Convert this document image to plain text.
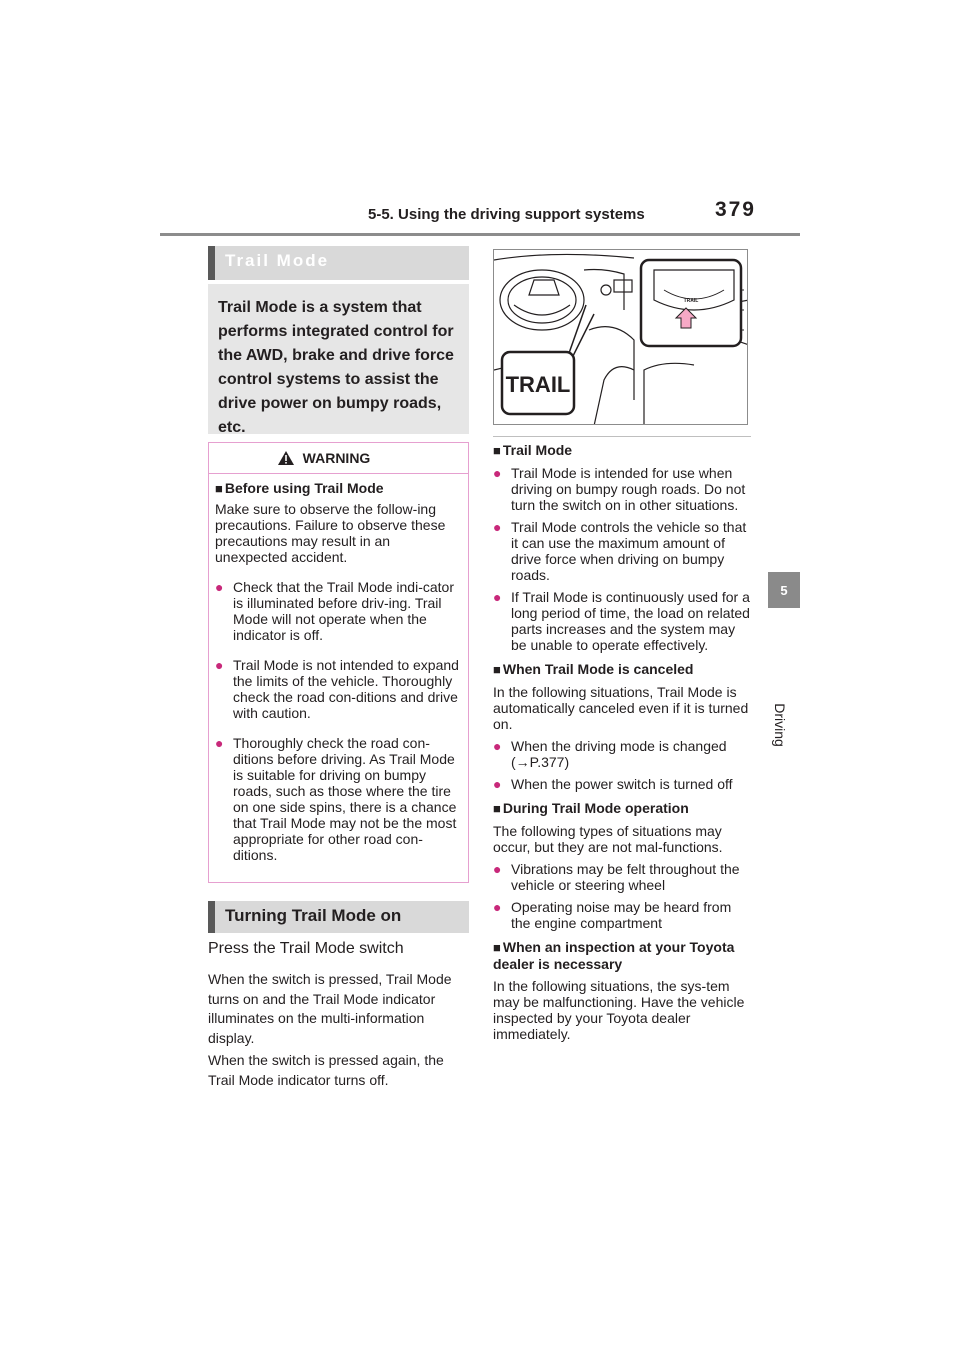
5-5. Using the driving support systems	379
5
Driving
Trail Mode
Trail Mode is a system that performs integrated control for the AWD, brake and drive force control systems to assist the drive power on bumpy roads, etc.
WARNING
■ Before using Trail Mode
Make sure to observe the follow-ing precautions. Failure to observe these precautions may result in an unexpected accident.
● Check that the Trail Mode indi-cator is illuminated before driv-ing. Trail Mode will not operate when the indicator is off.
● Trail Mode is not intended to expand the limits of the vehicle. Thoroughly check the road con-ditions and drive with caution.
● Thoroughly check the road con-ditions before driving. As Trail Mode is suitable for driving on bumpy roads, such as those where the tire on one side spins, there is a chance that Trail Mode may not be the most appropriate for other road con-ditions.
Turning Trail Mode on
Press the Trail Mode switch
When the switch is pressed, Trail Mode turns on and the Trail Mode indicator illuminates on the multi-information display.
When the switch is pressed again, the Trail Mode indicator turns off.
TRAIL
TRAIL
■ Trail Mode
● Trail Mode is intended for use when driving on bumpy rough roads. Do not turn the switch on in other situations.
● Trail Mode controls the vehicle so that it can use the maximum amount of drive force when driving on bumpy roads.
● If Trail Mode is continuously used for a long period of time, the load on related parts increases and the system may be unable to operate effectively.
■ When Trail Mode is canceled
In the following situations, Trail Mode is automatically canceled even if it is turned on.
● When the driving mode is changed (→P.377)
● When the power switch is turned off
■ During Trail Mode operation
The following types of situations may occur, but they are not mal-functions.
● Vibrations may be felt throughout the vehicle or steering wheel
● Operating noise may be heard from the engine compartment
■ When an inspection at your Toyota dealer is necessary
In the following situations, the sys-tem may be malfunctioning. Have the vehicle inspected by your Toyota dealer immediately.
